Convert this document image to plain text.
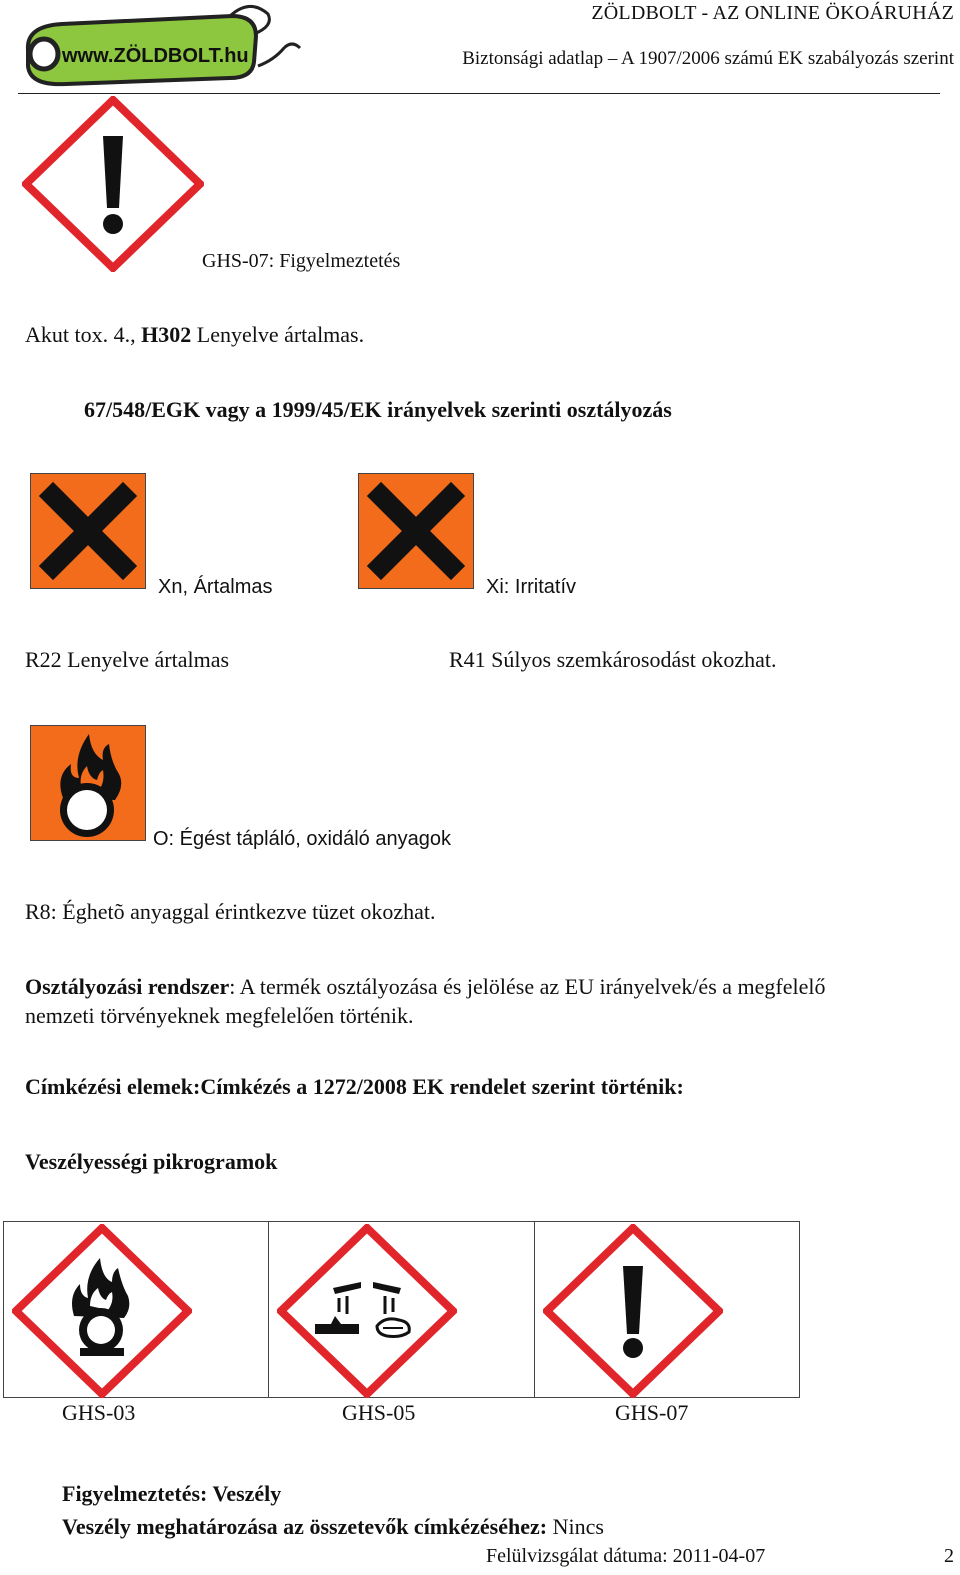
www.ZÖLDBOLT.hu
ZÖLDBOLT - AZ ONLINE ÖKOÁRUHÁZ
Biztonsági adatlap – A 1907/2006 számú EK szabályozás szerint
GHS-07: Figyelmeztetés
Akut tox. 4., H302 Lenyelve ártalmas.
67/548/EGK vagy a 1999/45/EK irányelvek szerinti osztályozás
Xn, Ártalmas	Xi: Irritatív
R22 Lenyelve ártalmas	R41 Súlyos szemkárosodást okozhat.
O: Égést tápláló, oxidáló anyagok
R8: Éghetõ anyaggal érintkezve tüzet okozhat.
Osztályozási rendszer: A termék osztályozása és jelölése az EU irányelvek/és a megfelelő
nemzeti törvényeknek megfelelően történik.
Címkézési elemek:Címkézés a 1272/2008 EK rendelet szerint történik:
Veszélyességi pikrogramok
GHS-03	GHS-05	GHS-07
Figyelmeztetés: Veszély
Veszély meghatározása az összetevők címkézéséhez: Nincs
Felülvizsgálat dátuma: 2011-04-07	2
